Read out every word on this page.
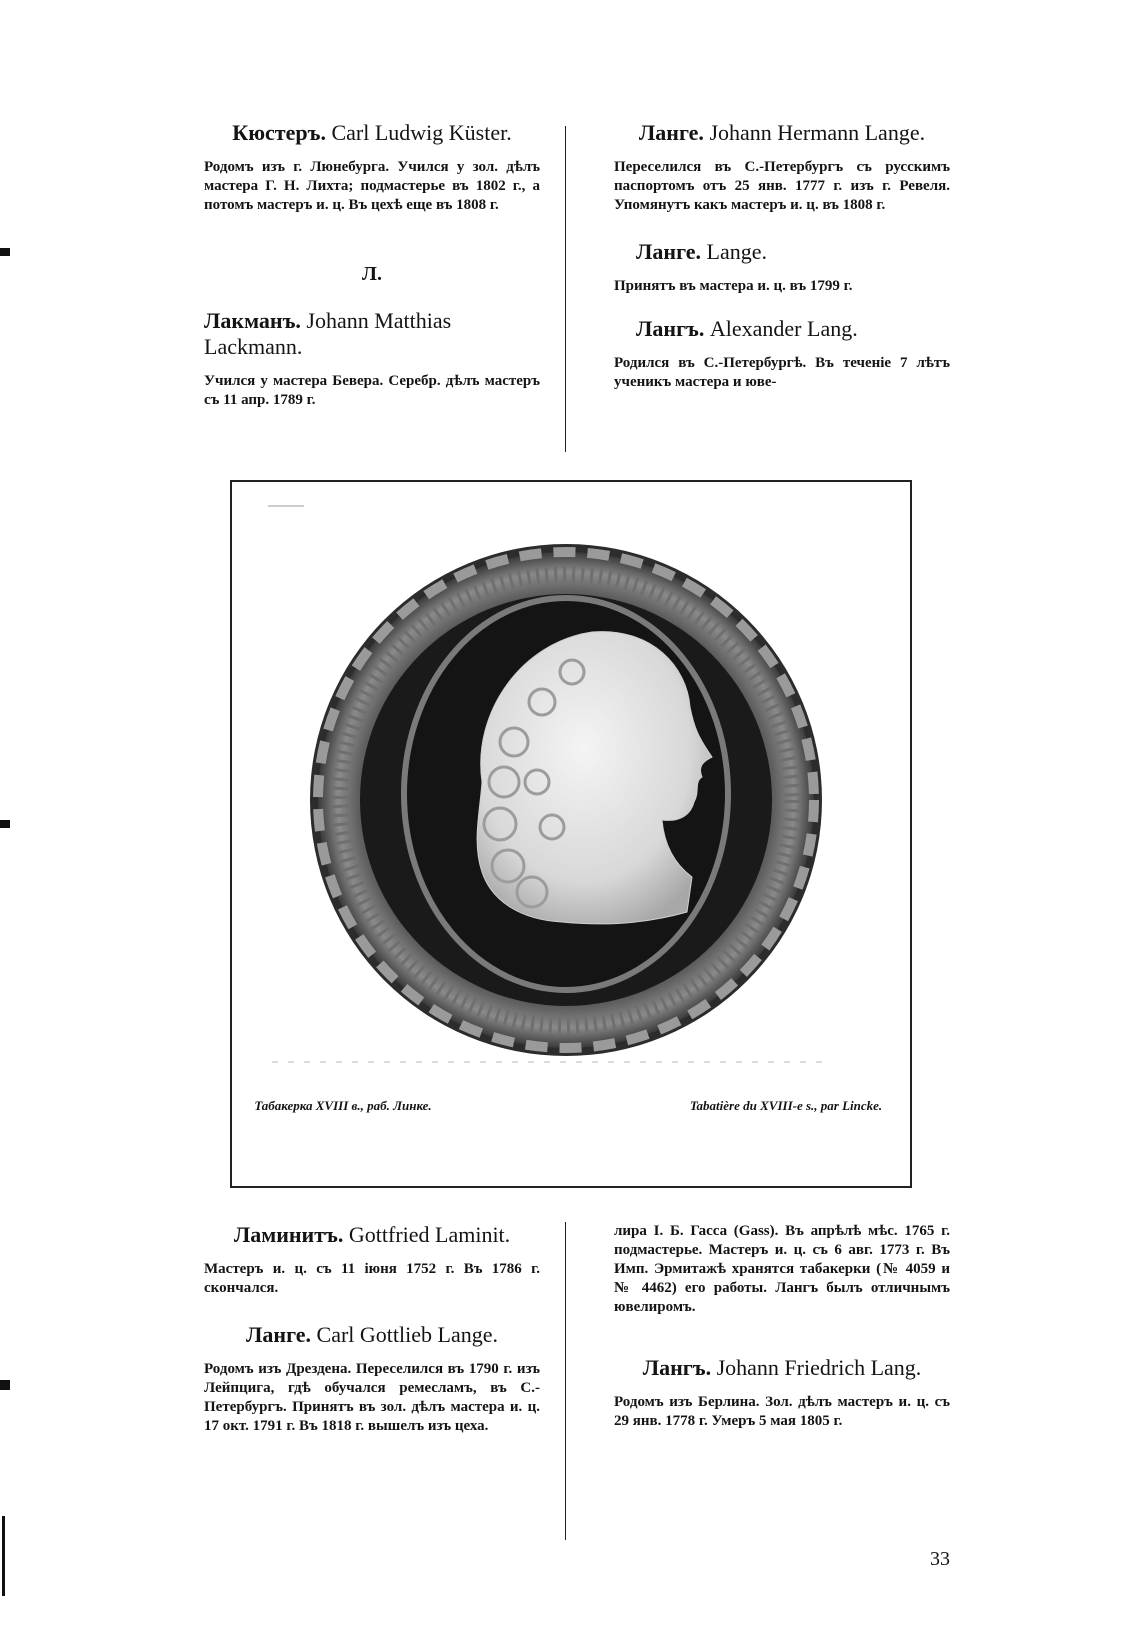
Кюстеръ. Carl Ludwig Küster.

Родомъ изъ г. Люнебурга. Учился у зол. дѣлъ мастера Г. Н. Лихта; подмастерье въ 1802 г., а потомъ мастеръ и. ц. Въ цехѣ еще въ 1808 г.

Л.

Лакманъ. Johann Matthias Lackmann.

Учился у мастера Бевера. Серебр. дѣлъ мастеръ съ 11 апр. 1789 г.

Ланге. Johann Hermann Lange.

Переселился въ С.-Петербургъ съ русскимъ паспортомъ отъ 25 янв. 1777 г. изъ г. Ревеля. Упомянутъ какъ мастеръ и. ц. въ 1808 г.

Ланге. Lange.

Принятъ въ мастера и. ц. въ 1799 г.

Лангъ. Alexander Lang.

Родился въ С.-Петербургѣ. Въ теченіе 7 лѣтъ ученикъ мастера и юве-

Табакерка XVIII в., раб. Линке.	Tabatière du XVIII-e s., par Lincke.

Ламинитъ. Gottfried Laminit.

Мастеръ и. ц. съ 11 іюня 1752 г. Въ 1786 г. скончался.

Ланге. Carl Gottlieb Lange.

Родомъ изъ Дрездена. Переселился въ 1790 г. изъ Лейпцига, гдѣ обучался ремесламъ, въ С.-Петербургъ. Принятъ въ зол. дѣлъ мастера и. ц. 17 окт. 1791 г. Въ 1818 г. вышелъ изъ цеха.

лира I. Б. Гасса (Gass). Въ апрѣлѣ мѣс. 1765 г. подмастерье. Мастеръ и. ц. съ 6 авг. 1773 г. Въ Имп. Эрмитажѣ хранятся табакерки (№ 4059 и № 4462) его работы. Лангъ былъ отличнымъ ювелиромъ.

Лангъ. Johann Friedrich Lang.

Родомъ изъ Берлина. Зол. дѣлъ мастеръ и. ц. съ 29 янв. 1778 г. Умеръ 5 мая 1805 г.

33
